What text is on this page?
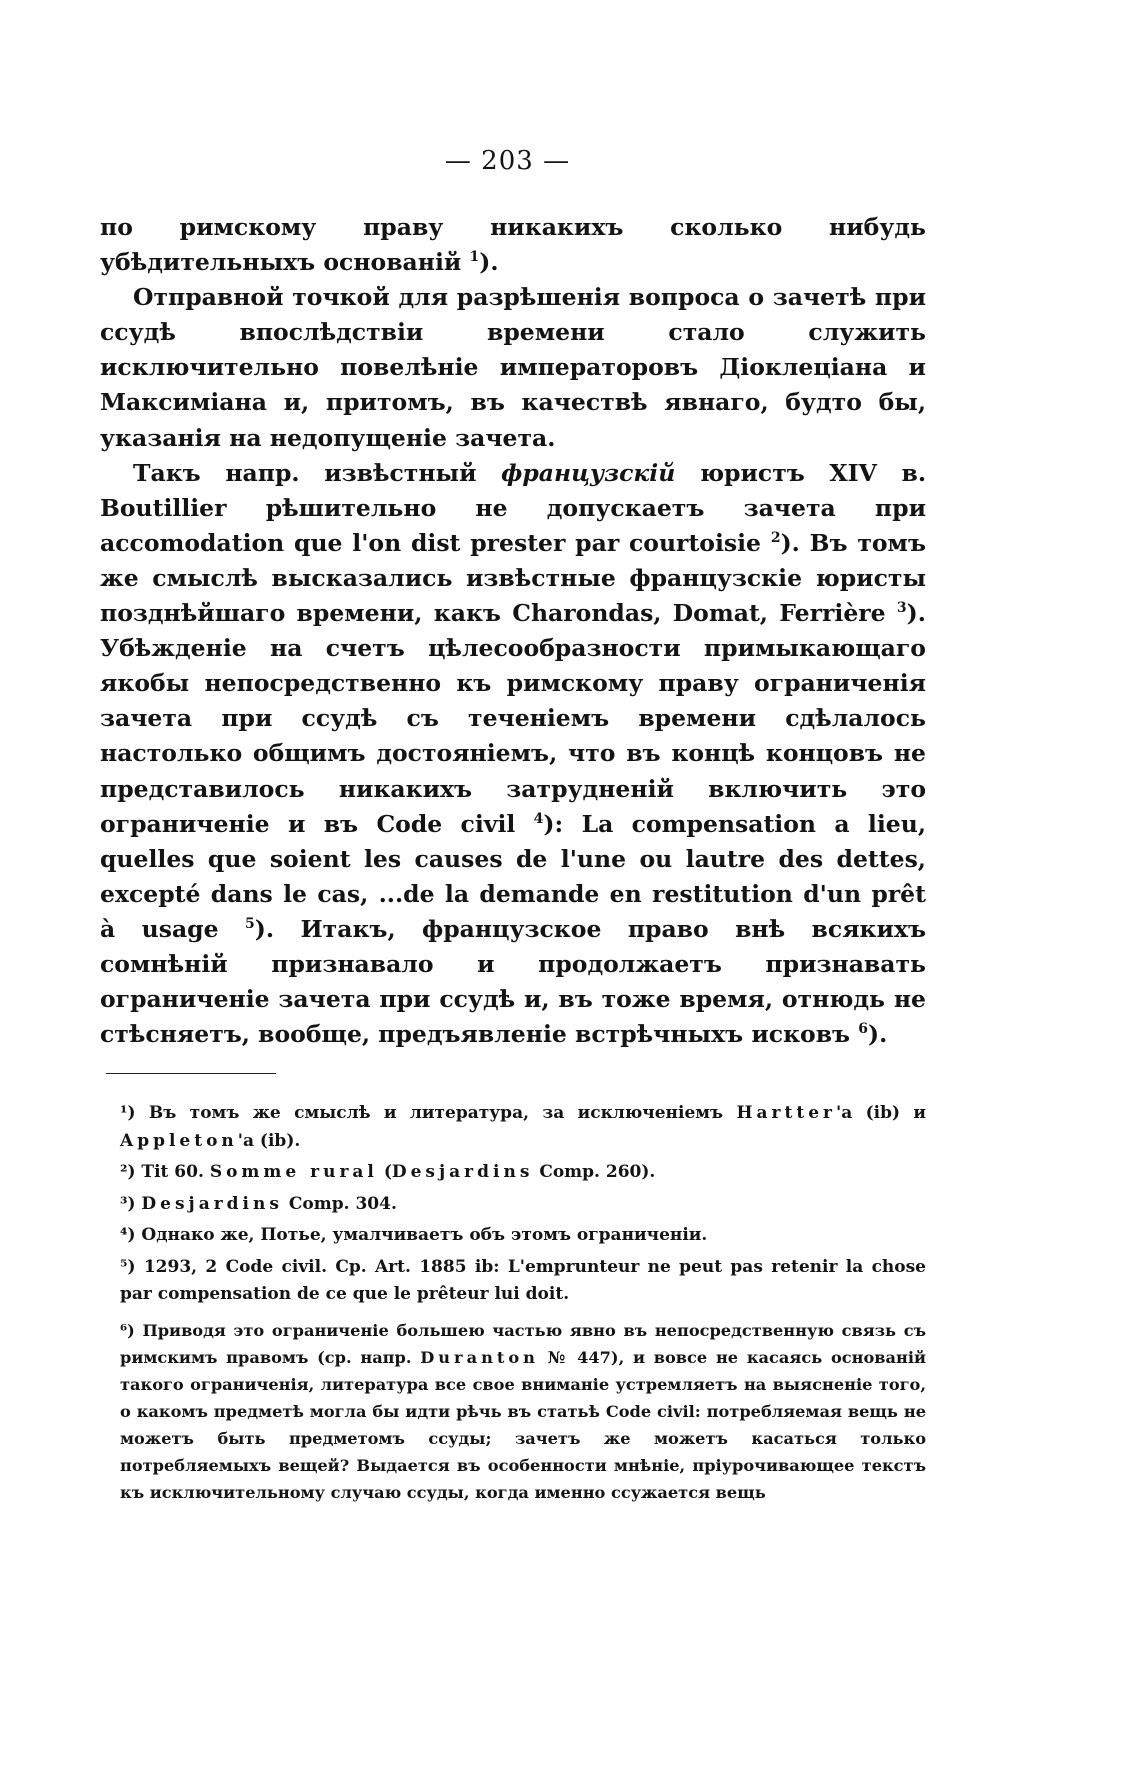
— 203 —

по римскому праву никакихъ сколько нибудь убѣдительныхъ основаній $^1$).

Отправной точкой для разрѣшенія вопроса о зачетѣ при ссудѣ впослѣдствіи времени стало служить исключительно повелѣніе императоровъ Діоклеціана и Максиміана и, притомъ, въ качествѣ явнаго, будто бы, указанія на недопущеніе зачета.

Такъ напр. извѣстный французскій юристъ XIV в. Boutillier рѣшительно не допускаетъ зачета при accomodation que l'on dist prester par courtoisie $^2$). Въ томъ же смыслѣ высказались извѣстные французскіе юристы позднѣйшаго времени, какъ Charondas, Domat, Ferrière $^3$). Убѣжденіе на счетъ цѣлесообразности примыкающаго якобы непосредственно къ римскому праву ограниченія зачета при ссудѣ съ теченіемъ времени сдѣлалось настолько общимъ достояніемъ, что въ концѣ концовъ не представилось никакихъ затрудненій включить это ограниченіе и въ Code civil $^4$): La compensation a lieu, quelles que soient les causes de l'une ou lautre des dettes, excepté dans le cas, ...de la demande en restitution d'un prêt à usage $^5$). Итакъ, французское право внѣ всякихъ сомнѣній признавало и продолжаетъ признавать ограниченіе зачета при ссудѣ и, въ тоже время, отнюдь не стѣсняетъ, вообще, предъявленіе встрѣчныхъ исковъ $^6$).

¹) Въ томъ же смыслѣ и литература, за исключеніемъ Hartter'a (ib) и Appleton'a (ib).

²) Tit 60. Somme rural (Desjardins Comp. 260).

³) Desjardins Comp. 304.

⁴) Однако же, Потье, умалчиваетъ объ этомъ ограниченіи.

⁵) 1293, 2 Code civil. Cp. Art. 1885 ib: L'emprunteur ne peut pas retenir la chose par compensation de ce que le prêteur lui doit.

⁶) Приводя это ограниченіе большею частью явно въ непосредственную связь съ римскимъ правомъ (ср. напр. Duranton № 447), и вовсе не касаясь основаній такого ограниченія, литература все свое вниманіе устремляетъ на выясненіе того, о какомъ предметѣ могла бы идти рѣчь въ статьѣ Code civil: потребляемая вещь не можетъ быть предметомъ ссуды; зачетъ же можетъ касаться только потребляемыхъ вещей? Выдается въ особенности мнѣніе, пріурочивающее текстъ къ исключительному случаю ссуды, когда именно ссужается вещь
